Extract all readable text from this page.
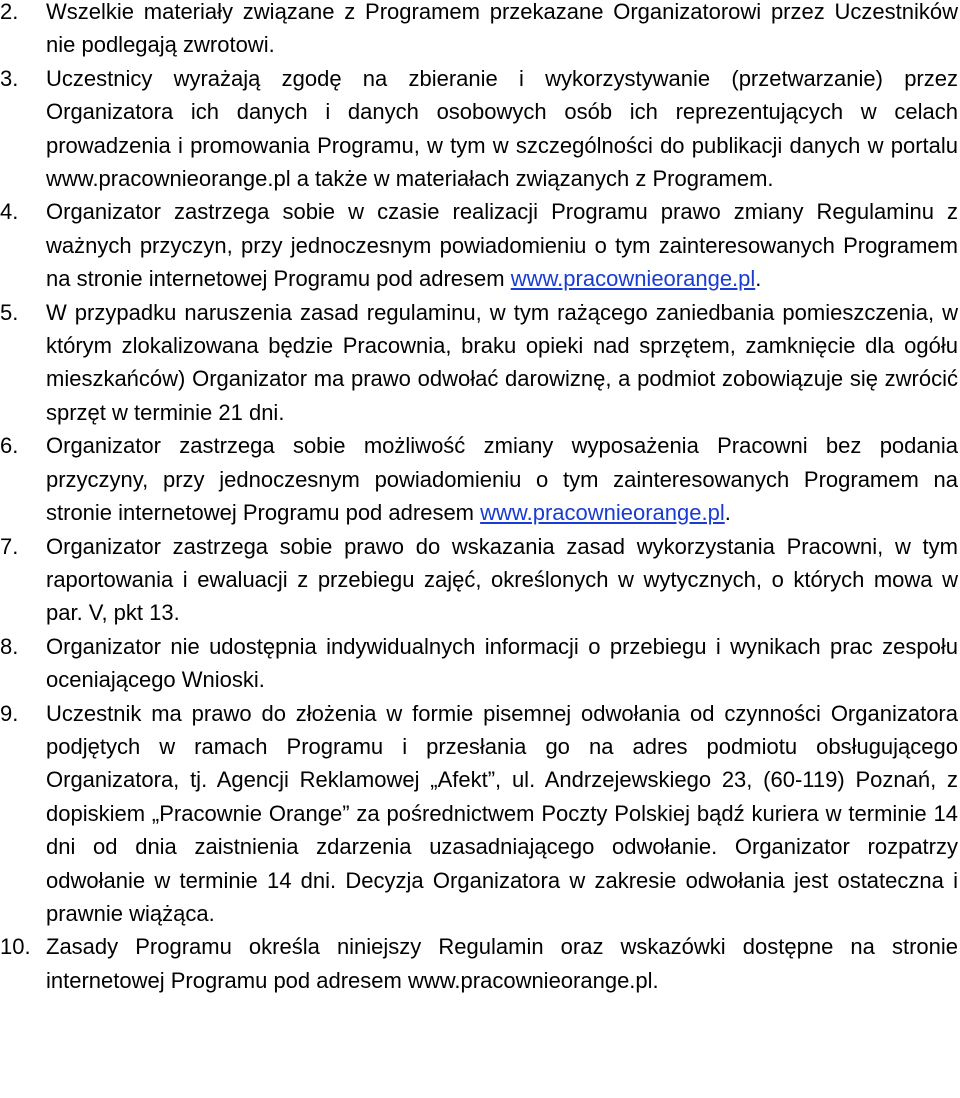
2.	Wszelkie materiały związane z Programem przekazane Organizatorowi przez Uczestników nie podlegają zwrotowi.
3.	Uczestnicy wyrażają zgodę na zbieranie i wykorzystywanie (przetwarzanie) przez Organizatora ich danych i danych osobowych osób ich reprezentujących w celach prowadzenia i promowania Programu, w tym w szczególności do publikacji danych w portalu www.pracownieorange.pl a także w materiałach związanych z Programem.
4.	Organizator zastrzega sobie w czasie realizacji Programu prawo zmiany Regulaminu z ważnych przyczyn, przy jednoczesnym powiadomieniu o tym zainteresowanych Programem na stronie internetowej Programu pod adresem www.pracownieorange.pl.
5.	W przypadku naruszenia zasad regulaminu, w tym rażącego zaniedbania pomieszczenia, w którym zlokalizowana będzie Pracownia, braku opieki nad sprzętem, zamknięcie dla ogółu mieszkańców) Organizator ma prawo odwołać darowiznę, a podmiot zobowiązuje się zwrócić sprzęt w terminie 21 dni.
6.	Organizator zastrzega sobie możliwość zmiany wyposażenia Pracowni bez podania przyczyny, przy jednoczesnym powiadomieniu o tym zainteresowanych Programem na stronie internetowej Programu pod adresem www.pracownieorange.pl.
7.	Organizator zastrzega sobie prawo do wskazania zasad wykorzystania Pracowni, w tym raportowania i ewaluacji z przebiegu zajęć, określonych w wytycznych, o których mowa w par. V, pkt 13.
8.	Organizator nie udostępnia indywidualnych informacji o przebiegu i wynikach prac zespołu oceniającego Wnioski.
9.	Uczestnik ma prawo do złożenia w formie pisemnej odwołania od czynności Organizatora podjętych w ramach Programu i przesłania go na adres podmiotu obsługującego Organizatora, tj. Agencji Reklamowej „Afekt”, ul. Andrzejewskiego 23, (60-119) Poznań, z dopiskiem „Pracownie Orange” za pośrednictwem Poczty Polskiej bądź kuriera w terminie 14 dni od dnia zaistnienia zdarzenia uzasadniającego odwołanie. Organizator rozpatrzy odwołanie w terminie 14 dni. Decyzja Organizatora w zakresie odwołania jest ostateczna i prawnie wiążąca.
10. Zasady Programu określa niniejszy Regulamin oraz wskazówki dostępne na stronie internetowej Programu pod adresem www.pracownieorange.pl.
